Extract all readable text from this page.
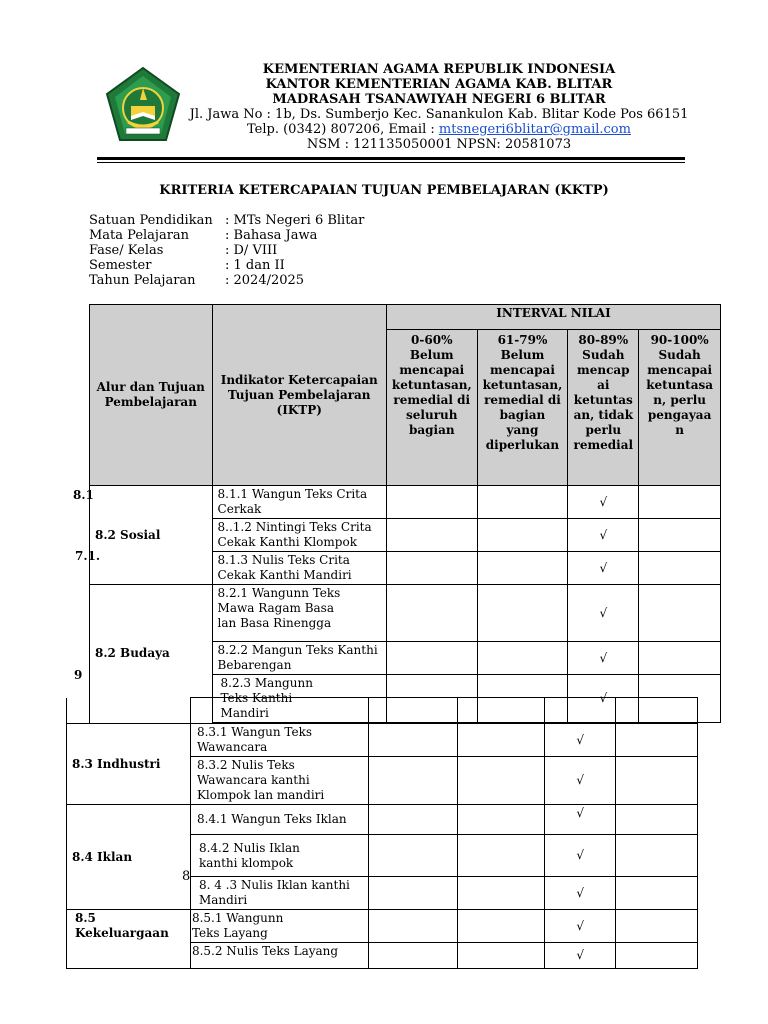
KEMENTERIAN AGAMA REPUBLIK INDONESIA
KANTOR KEMENTERIAN AGAMA KAB. BLITAR
MADRASAH TSANAWIYAH NEGERI 6 BLITAR
Jl. Jawa No : 1b, Ds. Sumberjo Kec. Sanankulon Kab. Blitar Kode Pos 66151
Telp. (0342) 807206, Email : mtsnegeri6blitar@gmail.com
NSM : 121135050001 NPSN: 20581073
KRITERIA KETERCAPAIAN TUJUAN PEMBELAJARAN (KKTP)
Satuan Pendidikan : MTs Negeri 6 Blitar
Mata Pelajaran	: Bahasa Jawa
Fase/ Kelas	: D/ VIII
Semester	: 1 dan II
Tahun Pelajaran : 2024/2025
Alur dan Tujuan Pembelajaran	Indikator Ketercapaian Tujuan Pembelajaran (IKTP)	INTERVAL NILAI			
		0-60% Belum mencapai ketuntasan, remedial di seluruh bagian	61-79% Belum mencapai ketuntasan, remedial di bagian yang diperlukan	80-89% Sudah mencap ai ketuntas an, tidak perlu remedial	90-100% Sudah mencapai ketuntasa n, perlu pengayaa n
8.2 Sosial	8.1.1 Wangun Teks Crita Cerkak			√	
	8..1.2 Nintingi Teks Crita Cekak Kanthi Klompok			√	
	8.1.3 Nulis Teks Crita Cekak Kanthi Mandiri			√	
8.2 Budaya	8.2.1 Wangunn Teks Mawa Ragam Basa lan Basa Rinengga			√	
	8.2.2 Mangun Teks Kanthi Bebarengan			√	
	8.2.3 Mangunn Teks Kanthi Mandiri			√	
8.1
7.1.
9

8.3 Indhustri	8.3.1 Wangun Teks Wawancara			√	
	8.3.2 Nulis Teks Wawancara kanthi Klompok lan mandiri			√	
8.4 Iklan	8.4.1 Wangun Teks Iklan			√	
	8.4.2 Nulis Iklan kanthi klompok			√	
	8. 4 .3 Nulis Iklan kanthi Mandiri			√	
8.5 Kekeluargaan	8.5.1 Wangunn Teks Layang			√	
	8.5.2 Nulis Teks Layang			√	
8
